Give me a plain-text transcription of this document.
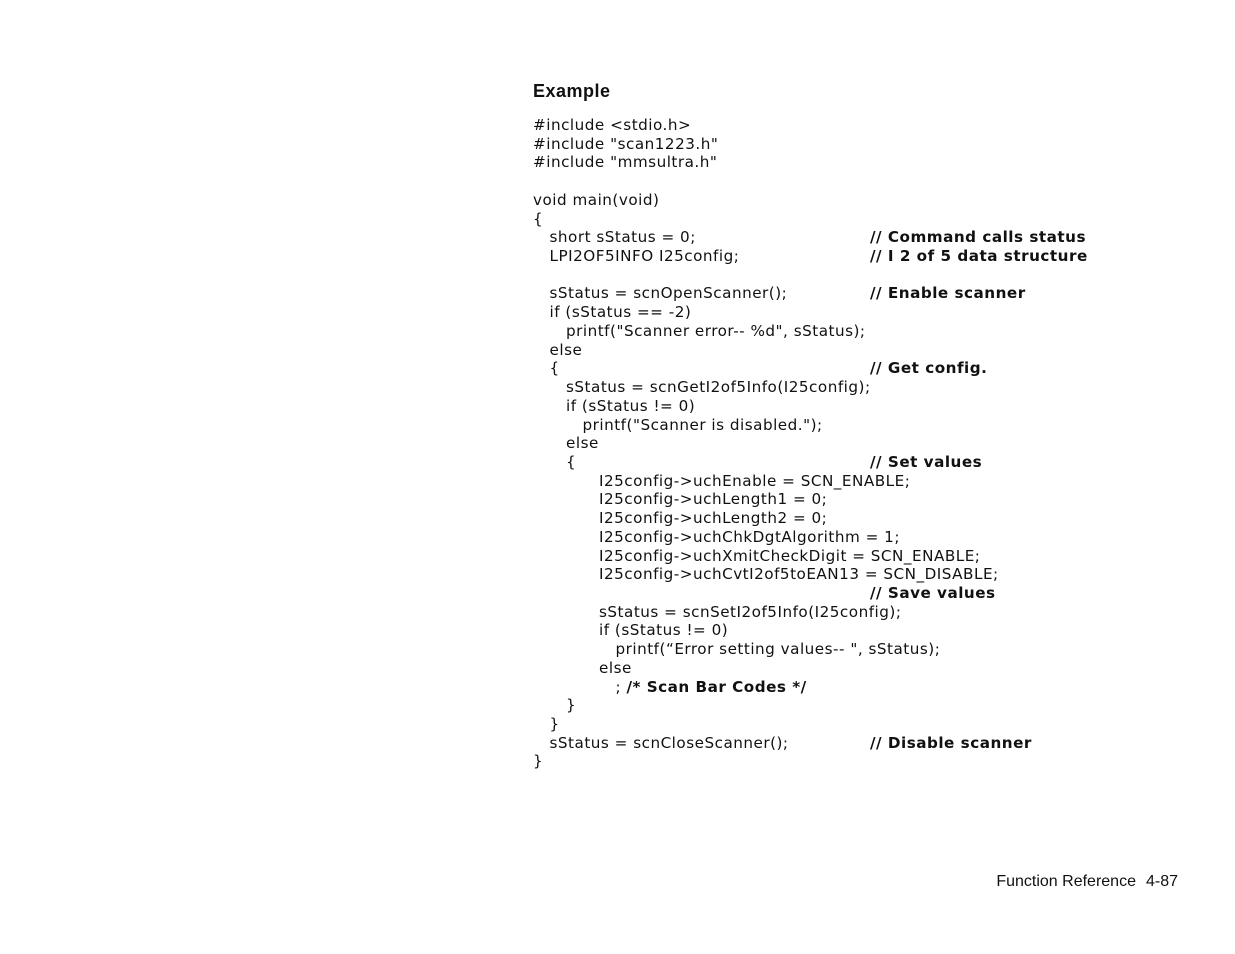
Example
#include <stdio.h>
#include "scan1223.h"
#include "mmsultra.h"
void main(void)
{
short sStatus = 0;	// Command calls status
LPI2OF5INFO I25config;	// I 2 of 5 data structure
sStatus = scnOpenScanner();	// Enable scanner
if (sStatus == -2)
printf("Scanner error-- %d", sStatus);
else
{	// Get config.
sStatus = scnGetI2of5Info(I25config);
if (sStatus != 0)
printf("Scanner is disabled.");
else
{	// Set values
I25config->uchEnable = SCN_ENABLE;
I25config->uchLength1 = 0;
I25config->uchLength2 = 0;
I25config->uchChkDgtAlgorithm = 1;
I25config->uchXmitCheckDigit = SCN_ENABLE;
I25config->uchCvtI2of5toEAN13 = SCN_DISABLE;
// Save values
sStatus = scnSetI2of5Info(I25config);
if (sStatus != 0)
printf(“Error setting values-- ", sStatus);
else
; /* Scan Bar Codes */
}
}
sStatus = scnCloseScanner();	// Disable scanner
}
Function Reference 4-87
